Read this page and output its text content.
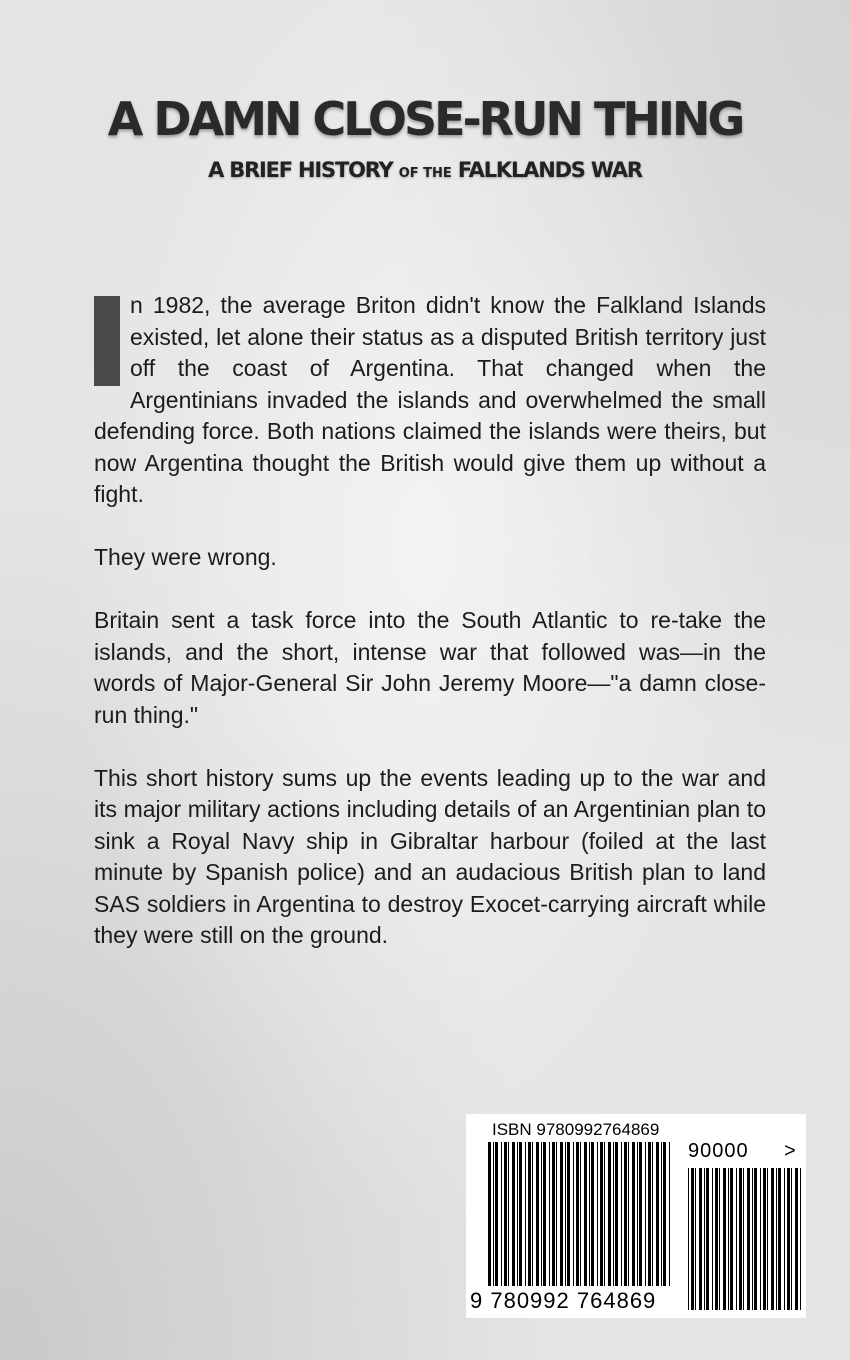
A DAMN CLOSE-RUN THING
A BRIEF HISTORY OF THE FALKLANDS WAR

n 1982, the average Briton didn't know the Falkland Islands existed, let alone their status as a disputed British territory just off the coast of Argentina. That changed when the Argentinians invaded the islands and overwhelmed the small defending force. Both nations claimed the islands were theirs, but now Argentina thought the British would give them up without a fight.

They were wrong.

Britain sent a task force into the South Atlantic to re-take the islands, and the short, intense war that followed was—in the words of Major-General Sir John Jeremy Moore—"a damn close-run thing."

This short history sums up the events leading up to the war and its major military actions including details of an Argentinian plan to sink a Royal Navy ship in Gibraltar harbour (foiled at the last minute by Spanish police) and an audacious British plan to land SAS soldiers in Argentina to destroy Exocet-carrying aircraft while they were still on the ground.

ISBN 9780992764869
90000 >
9 780992 764869
